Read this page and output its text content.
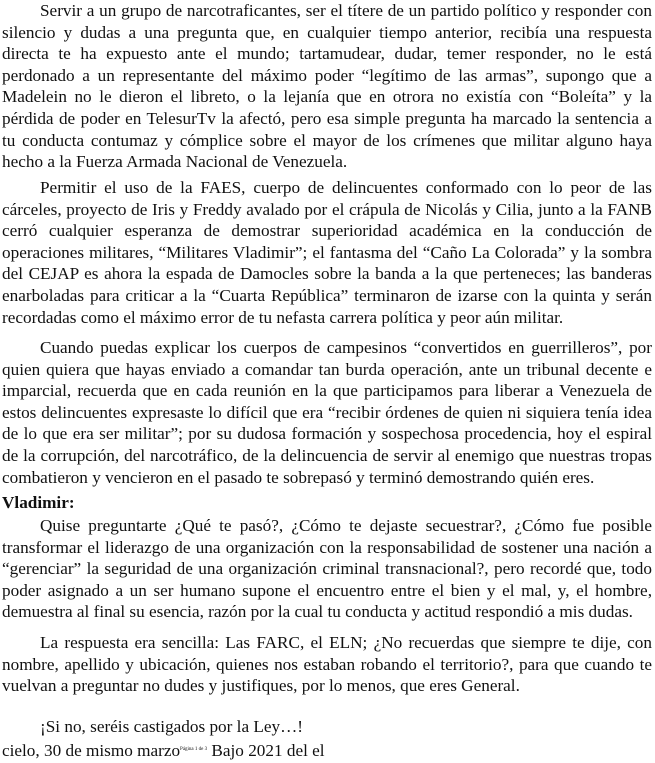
Servir a un grupo de narcotraficantes, ser el títere de un partido político y responder con silencio y dudas a una pregunta que, en cualquier tiempo anterior, recibía una respuesta directa te ha expuesto ante el mundo; tartamudear, dudar, temer responder, no le está perdonado a un representante del máximo poder “legítimo de las armas”, supongo que a Madelein no le dieron el libreto, o la lejanía que en otrora no existía con “Boleíta” y la pérdida de poder en TelesurTv la afectó, pero esa simple pregunta ha marcado la sentencia a tu conducta contumaz y cómplice sobre el mayor de los crímenes que militar alguno haya hecho a la Fuerza Armada Nacional de Venezuela.

Permitir el uso de la FAES, cuerpo de delincuentes conformado con lo peor de las cárceles, proyecto de Iris y Freddy avalado por el crápula de Nicolás y Cilia, junto a la FANB cerró cualquier esperanza de demostrar superioridad académica en la conducción de operaciones militares, “Militares Vladimir”; el fantasma del “Caño La Colorada” y la sombra del CEJAP es ahora la espada de Damocles sobre la banda a la que perteneces; las banderas enarboladas para criticar a la “Cuarta República” terminaron de izarse con la quinta y serán recordadas como el máximo error de tu nefasta carrera política y peor aún militar.

Cuando puedas explicar los cuerpos de campesinos “convertidos en guerrilleros”, por quien quiera que hayas enviado a comandar tan burda operación, ante un tribunal decente e imparcial, recuerda que en cada reunión en la que participamos para liberar a Venezuela de estos delincuentes expresaste lo difícil que era “recibir órdenes de quien ni siquiera tenía idea de lo que era ser militar”; por su dudosa formación y sospechosa procedencia, hoy el espiral de la corrupción, del narcotráfico, de la delincuencia de servir al enemigo que nuestras tropas combatieron y vencieron en el pasado te sobrepasó y terminó demostrando quién eres.

Vladimir:

Quise preguntarte ¿Qué te pasó?, ¿Cómo te dejaste secuestrar?, ¿Cómo fue posible transformar el liderazgo de una organización con la responsabilidad de sostener una nación a “gerenciar” la seguridad de una organización criminal transnacional?, pero recordé que, todo poder asignado a un ser humano supone el encuentro entre el bien y el mal, y, el hombre, demuestra al final su esencia, razón por la cual tu conducta y actitud respondió a mis dudas.

La respuesta era sencilla: Las FARC, el ELN; ¿No recuerdas que siempre te dije, con nombre, apellido y ubicación, quienes nos estaban robando el territorio?, para que cuando te vuelvan a preguntar no dudes y justifiques, por lo menos, que eres General.

¡Si no, seréis castigados por la Ley…!

cielo, 30 de mismo marzo$^{Página 1 de 3}$ Bajo 2021 del el
